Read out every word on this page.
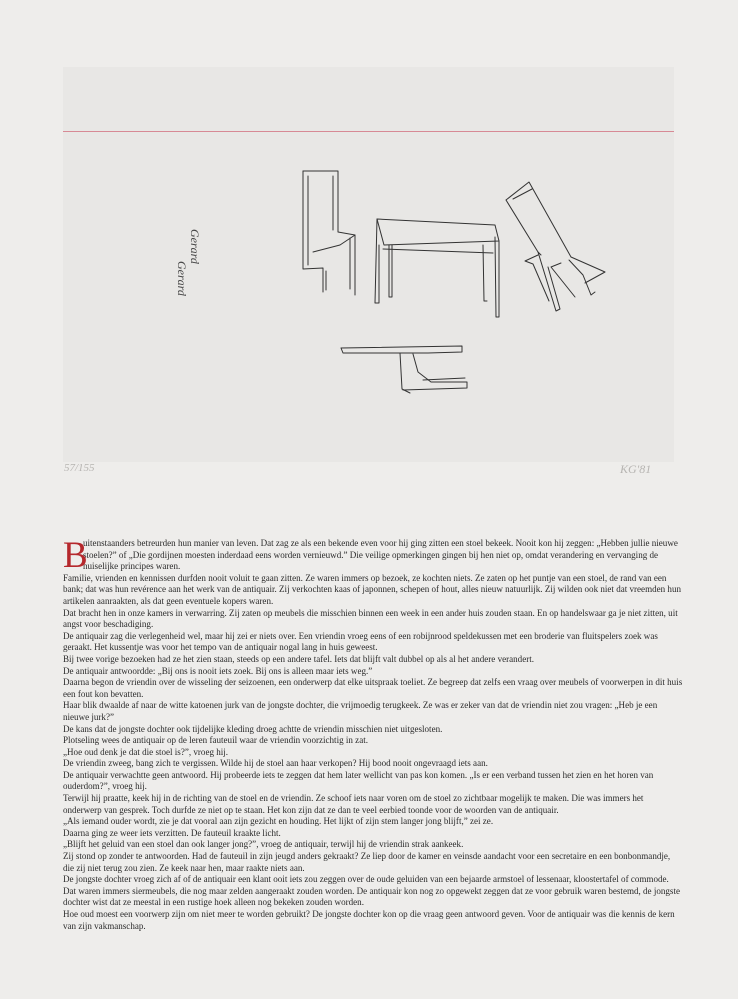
Gerard
Gerard
57/155	KG'81

B
uitenstaanders betreurden hun manier van leven. Dat zag ze als een bekende even voor hij ging zitten een stoel bekeek. Nooit kon hij zeggen: „Hebben jullie nieuwe stoelen?” of „Die gordijnen moesten inderdaad eens worden vernieuwd.” Die veilige opmerkingen gingen bij hen niet op, omdat verandering en vervanging de huiselijke principes waren.

Familie, vrienden en kennissen durfden nooit voluit te gaan zitten. Ze waren immers op bezoek, ze kochten niets. Ze zaten op het puntje van een stoel, de rand van een bank; dat was hun revérence aan het werk van de antiquair. Zij verkochten kaas of japonnen, schepen of hout, alles nieuw natuurlijk. Zij wilden ook niet dat vreemden hun artikelen aanraakten, als dat geen eventuele kopers waren.

Dat bracht hen in onze kamers in verwarring. Zij zaten op meubels die misschien binnen een week in een ander huis zouden staan. En op handelswaar ga je niet zitten, uit angst voor beschadiging.

De antiquair zag die verlegenheid wel, maar hij zei er niets over. Een vriendin vroeg eens of een robijnrood speldekussen met een broderie van fluitspelers zoek was geraakt. Het kussentje was voor het tempo van de antiquair nogal lang in huis geweest.

Bij twee vorige bezoeken had ze het zien staan, steeds op een andere tafel. Iets dat blijft valt dubbel op als al het andere verandert.

De antiquair antwoordde: „Bij ons is nooit iets zoek. Bij ons is alleen maar iets weg.”

Daarna begon de vriendin over de wisseling der seizoenen, een onderwerp dat elke uitspraak toeliet. Ze begreep dat zelfs een vraag over meubels of voorwerpen in dit huis een fout kon bevatten.

Haar blik dwaalde af naar de witte katoenen jurk van de jongste dochter, die vrijmoedig terugkeek. Ze was er zeker van dat de vriendin niet zou vragen: „Heb je een nieuwe jurk?”

De kans dat de jongste dochter ook tijdelijke kleding droeg achtte de vriendin misschien niet uitgesloten.

Plotseling wees de antiquair op de leren fauteuil waar de vriendin voorzichtig in zat.

„Hoe oud denk je dat die stoel is?”, vroeg hij.

De vriendin zweeg, bang zich te vergissen. Wilde hij de stoel aan haar verkopen? Hij bood nooit ongevraagd iets aan.

De antiquair verwachtte geen antwoord. Hij probeerde iets te zeggen dat hem later wellicht van pas kon komen. „Is er een verband tussen het zien en het horen van ouderdom?”, vroeg hij.

Terwijl hij praatte, keek hij in de richting van de stoel en de vriendin. Ze schoof iets naar voren om de stoel zo zichtbaar mogelijk te maken. Die was immers het onderwerp van gesprek. Toch durfde ze niet op te staan. Het kon zijn dat ze dan te veel eerbied toonde voor de woorden van de antiquair.

„Als iemand ouder wordt, zie je dat vooral aan zijn gezicht en houding. Het lijkt of zijn stem langer jong blijft,” zei ze.

Daarna ging ze weer iets verzitten. De fauteuil kraakte licht.

„Blijft het geluid van een stoel dan ook langer jong?”, vroeg de antiquair, terwijl hij de vriendin strak aankeek.

Zij stond op zonder te antwoorden. Had de fauteuil in zijn jeugd anders gekraakt? Ze liep door de kamer en veinsde aandacht voor een secretaire en een bonbonmandje, die zij niet terug zou zien. Ze keek naar hen, maar raakte niets aan.

De jongste dochter vroeg zich af of de antiquair een klant ooit iets zou zeggen over de oude geluiden van een bejaarde armstoel of lessenaar, kloostertafel of commode.

Dat waren immers siermeubels, die nog maar zelden aangeraakt zouden worden. De antiquair kon nog zo opgewekt zeggen dat ze voor gebruik waren bestemd, de jongste dochter wist dat ze meestal in een rustige hoek alleen nog bekeken zouden worden.

Hoe oud moest een voorwerp zijn om niet meer te worden gebruikt? De jongste dochter kon op die vraag geen antwoord geven. Voor de antiquair was die kennis de kern van zijn vakmanschap.
